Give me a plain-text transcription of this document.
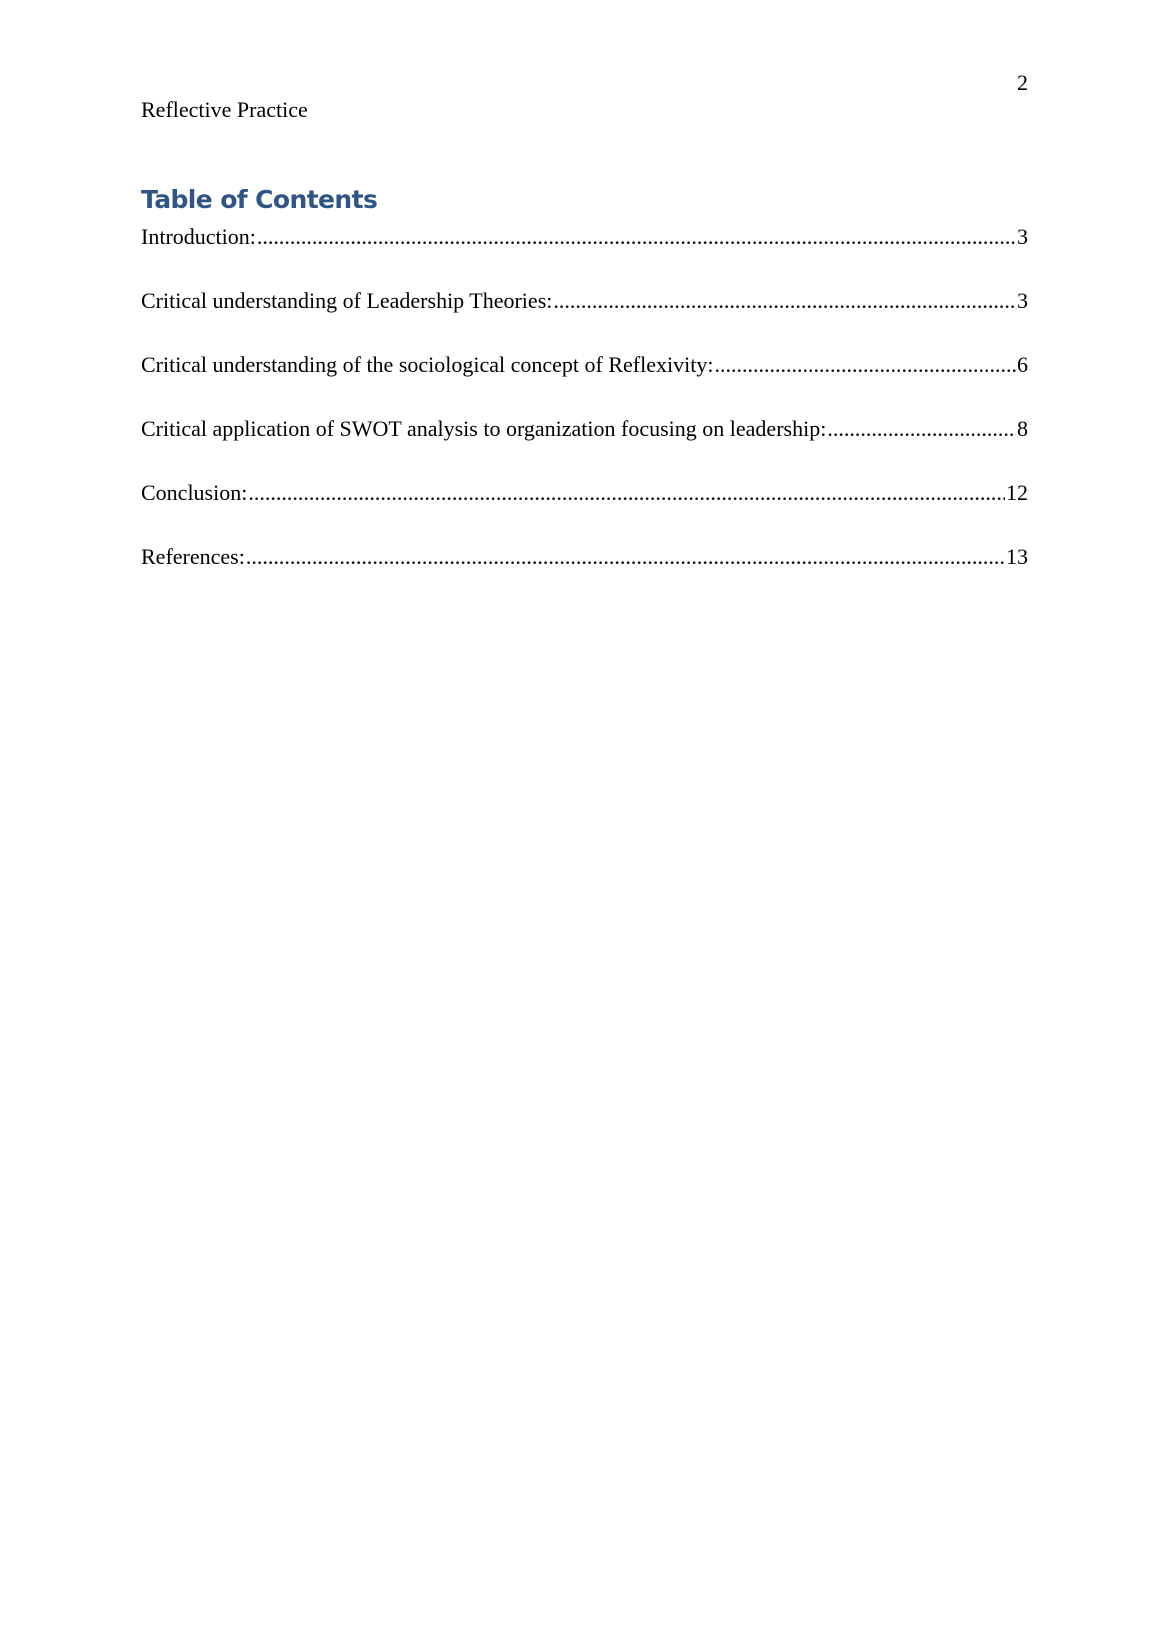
2
Reflective Practice
Table of Contents
Introduction: .....	3
Critical understanding of Leadership Theories: .....	3
Critical understanding of the sociological concept of Reflexivity: .....	6
Critical application of SWOT analysis to organization focusing on leadership: .....	8
Conclusion: .....	12
References: .....	13
